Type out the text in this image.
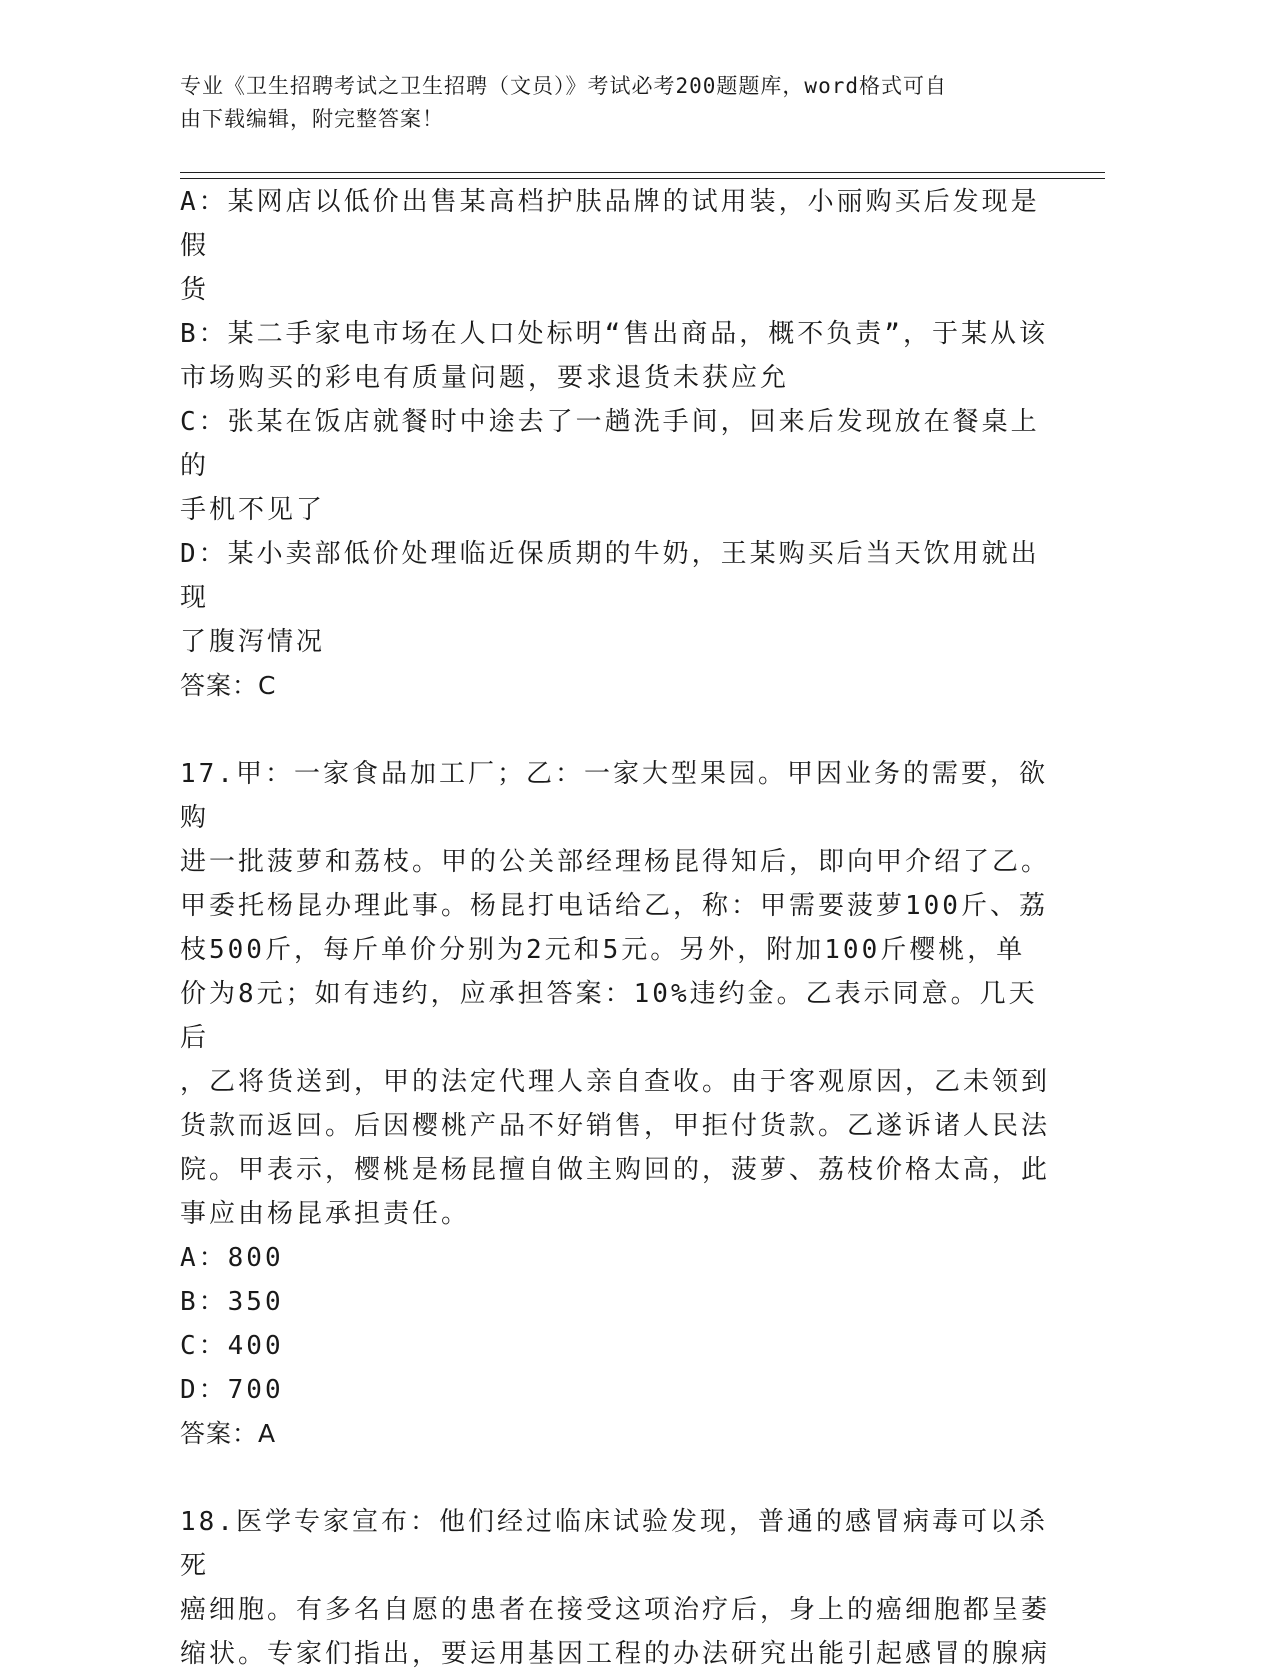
专业《卫生招聘考试之卫生招聘（文员）》考试必考200题题库，word格式可自
由下载编辑，附完整答案！

A：某网店以低价出售某高档护肤品牌的试用装，小丽购买后发现是假

货

B：某二手家电市场在人口处标明“售出商品，概不负责”，于某从该

市场购买的彩电有质量问题，要求退货未获应允

C：张某在饭店就餐时中途去了一趟洗手间，回来后发现放在餐桌上的

手机不见了

D：某小卖部低价处理临近保质期的牛奶，王某购买后当天饮用就出现

了腹泻情况

答案：C

17.甲：一家食品加工厂；乙：一家大型果园。甲因业务的需要，欲购

进一批菠萝和荔枝。甲的公关部经理杨昆得知后，即向甲介绍了乙。

甲委托杨昆办理此事。杨昆打电话给乙，称：甲需要菠萝100斤、荔

枝500斤，每斤单价分别为2元和5元。另外，附加100斤樱桃，单

价为8元；如有违约，应承担答案：10%违约金。乙表示同意。几天后

，乙将货送到，甲的法定代理人亲自查收。由于客观原因，乙未领到

货款而返回。后因樱桃产品不好销售，甲拒付货款。乙遂诉诸人民法

院。甲表示，樱桃是杨昆擅自做主购回的，菠萝、荔枝价格太高，此

事应由杨昆承担责任。

A：800

B：350

C：400

D：700

答案：A

18.医学专家宣布：他们经过临床试验发现，普通的感冒病毒可以杀死

癌细胞。有多名自愿的患者在接受这项治疗后，身上的癌细胞都呈萎

缩状。专家们指出，要运用基因工程的办法研究出能引起感冒的腺病
